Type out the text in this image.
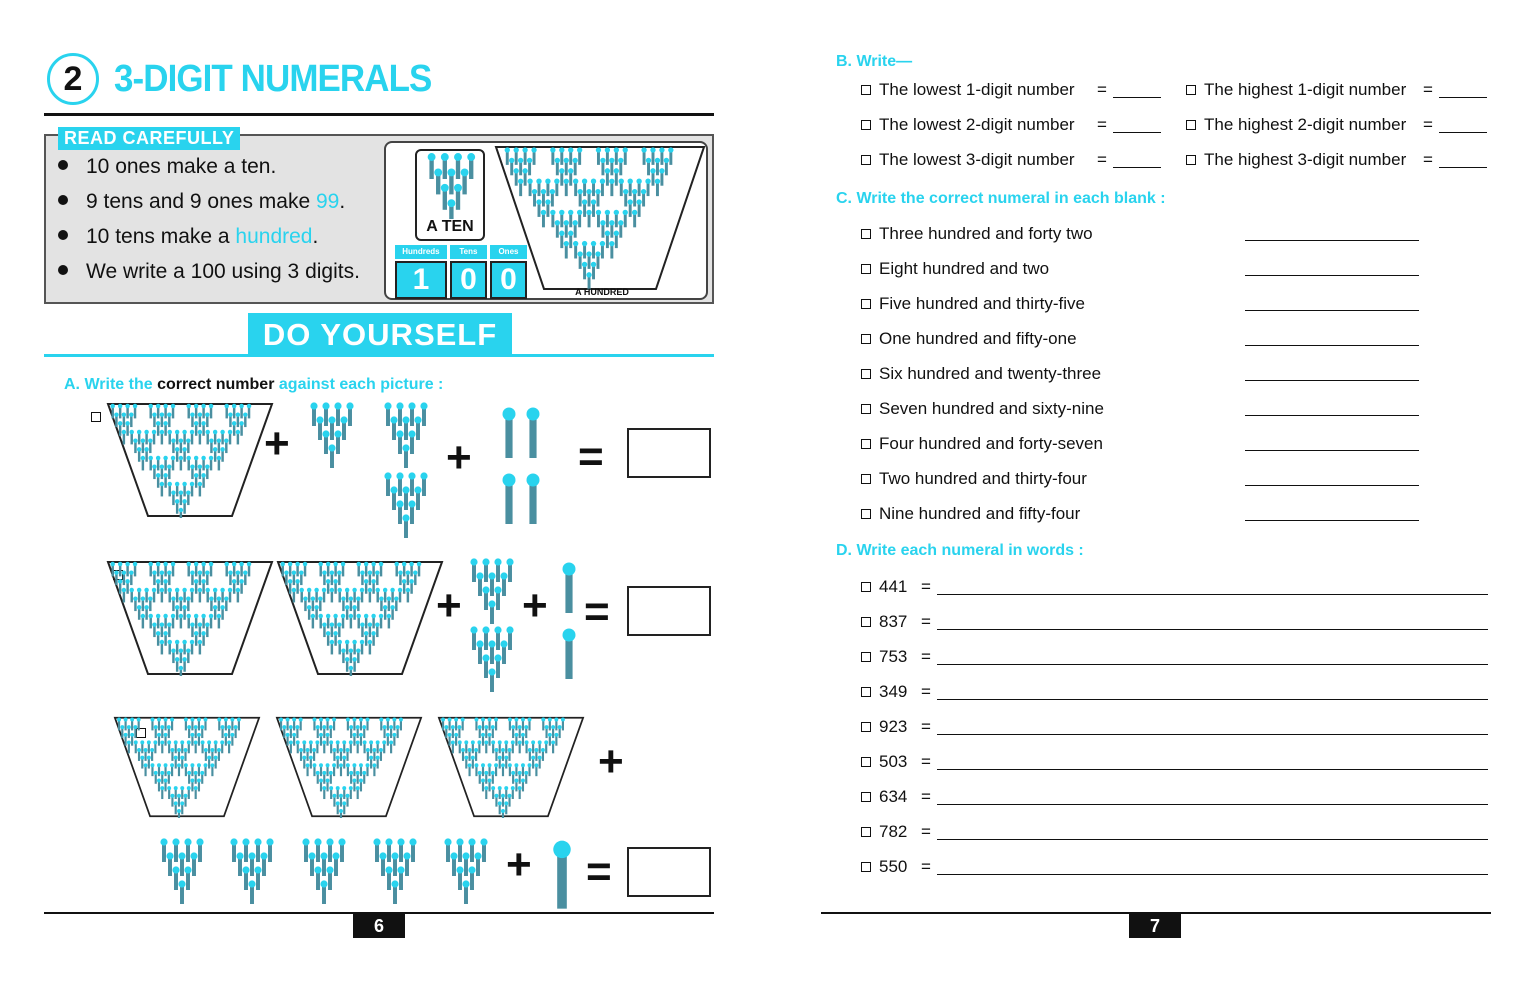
2 3-DIGIT NUMERALS
READ CAREFULLY
10 ones make a ten.
9 tens and 9 ones make 99.
10 tens make a hundred.
We write a 100 using 3 digits.
A TEN
Hundreds
1
Tens
0
Ones
0	A HUNDRED
DO YOURSELF
A. Write the correct number against each picture :

+	+ =

+ + =
+
+ =
6
B. Write—
The lowest 1-digit number =	The highest 1-digit number =
The lowest 2-digit number =	The highest 2-digit number =
The lowest 3-digit number =	The highest 3-digit number =
C. Write the correct numeral in each blank :
Three hundred and forty two
Eight hundred and two
Five hundred and thirty-five
One hundred and fifty-one
Six hundred and twenty-three
Seven hundred and sixty-nine
Four hundred and forty-seven
Two hundred and thirty-four
Nine hundred and fifty-four
D. Write each numeral in words :
441 =
837 =
753 =
349 =
923 =
503 =
634 =
782 =
550 =
7
